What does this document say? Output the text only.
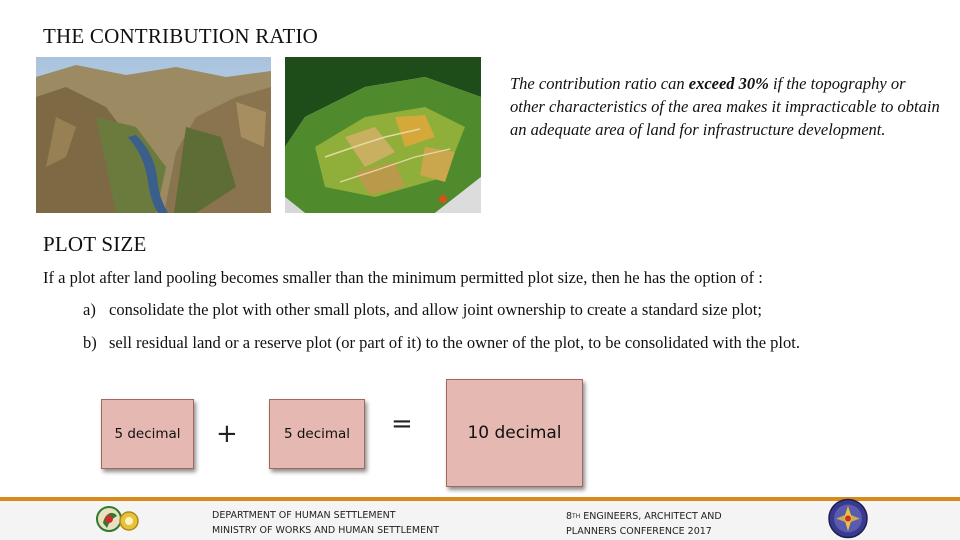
THE CONTRIBUTION RATIO
The contribution ratio can exceed 30% if the topography or other characteristics of the area makes it impracticable to obtain an adequate area of land for infrastructure development.
PLOT SIZE
If a plot after land pooling becomes smaller than the minimum permitted plot size, then he has the option of :
a) consolidate the plot with other small plots, and allow joint ownership to create a standard size plot;
b) sell residual land or a reserve plot (or part of it) to the owner of the plot, to be consolidated with the plot.
5 decimal	+	5 decimal	=	10 decimal
DEPARTMENT OF HUMAN SETTLEMENT
MINISTRY OF WORKS AND HUMAN SETTLEMENT
8TH ENGINEERS, ARCHITECT AND
PLANNERS CONFERENCE 2017
